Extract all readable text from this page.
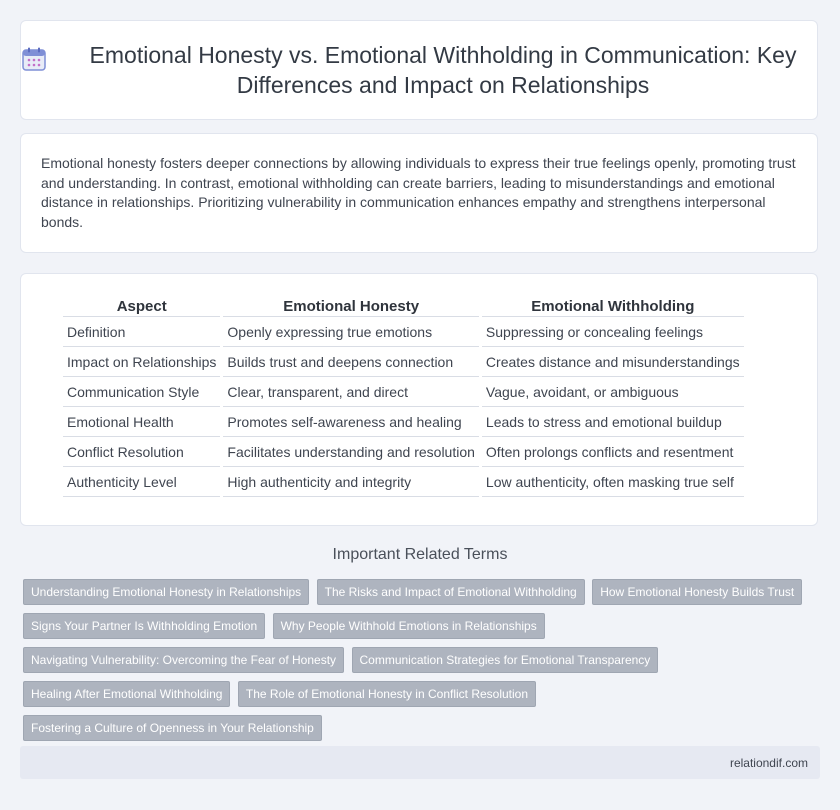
Emotional Honesty vs. Emotional Withholding in Communication: Key Differences and Impact on Relationships

Emotional honesty fosters deeper connections by allowing individuals to express their true feelings openly, promoting trust and understanding. In contrast, emotional withholding can create barriers, leading to misunderstandings and emotional distance in relationships. Prioritizing vulnerability in communication enhances empathy and strengthens interpersonal bonds.

Aspect	Emotional Honesty	Emotional Withholding
Definition	Openly expressing true emotions	Suppressing or concealing feelings
Impact on Relationships	Builds trust and deepens connection	Creates distance and misunderstandings
Communication Style	Clear, transparent, and direct	Vague, avoidant, or ambiguous
Emotional Health	Promotes self-awareness and healing	Leads to stress and emotional buildup
Conflict Resolution	Facilitates understanding and resolution	Often prolongs conflicts and resentment
Authenticity Level	High authenticity and integrity	Low authenticity, often masking true self
Important Related Terms
Understanding Emotional Honesty in Relationships The Risks and Impact of Emotional Withholding How Emotional Honesty Builds Trust Signs Your Partner Is Withholding Emotion Why People Withhold Emotions in Relationships Navigating Vulnerability: Overcoming the Fear of Honesty Communication Strategies for Emotional Transparency Healing After Emotional Withholding The Role of Emotional Honesty in Conflict Resolution Fostering a Culture of Openness in Your Relationship
relationdif.com
